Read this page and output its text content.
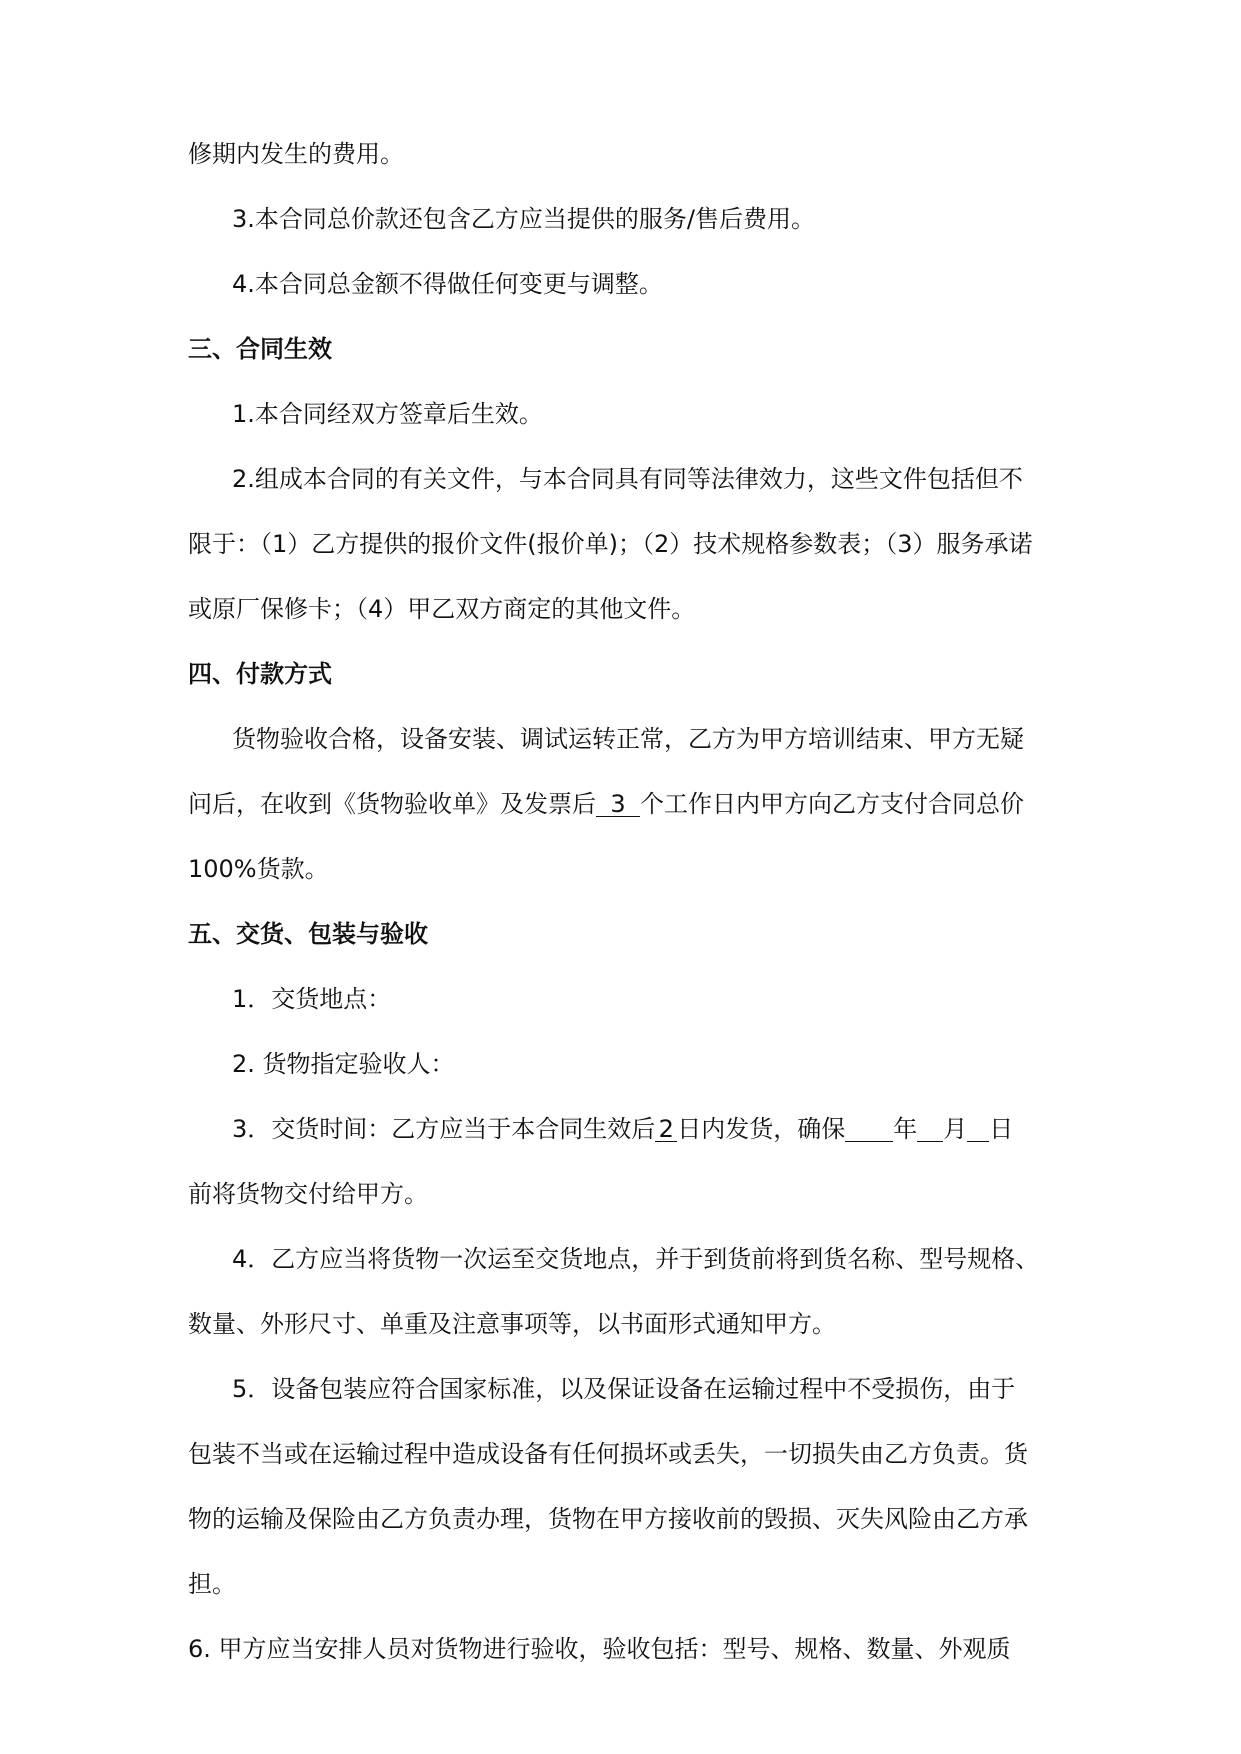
修期内发生的费用。
3.本合同总价款还包含乙方应当提供的服务/售后费用。
4.本合同总金额不得做任何变更与调整。
三、合同生效
1.本合同经双方签章后生效。
2.组成本合同的有关文件，与本合同具有同等法律效力，这些文件包括但不
限于：（1）乙方提供的报价文件(报价单)；（2）技术规格参数表；（3）服务承诺
或原厂保修卡；（4）甲乙双方商定的其他文件。
四、付款方式
货物验收合格，设备安装、调试运转正常，乙方为甲方培训结束、甲方无疑
问后，在收到《货物验收单》及发票后 3 个工作日内甲方向乙方支付合同总价
100%货款。
五、交货、包装与验收
1．交货地点：
2. 货物指定验收人：
3．交货时间：乙方应当于本合同生效后 2 日内发货，确保 年 月 日
前将货物交付给甲方。
4．乙方应当将货物一次运至交货地点，并于到货前将到货名称、型号规格、
数量、外形尺寸、单重及注意事项等，以书面形式通知甲方。
5．设备包装应符合国家标准，以及保证设备在运输过程中不受损伤，由于
包装不当或在运输过程中造成设备有任何损坏或丢失，一切损失由乙方负责。货
物的运输及保险由乙方负责办理，货物在甲方接收前的毁损、灭失风险由乙方承
担。
6. 甲方应当安排人员对货物进行验收，验收包括：型号、规格、数量、外观质
